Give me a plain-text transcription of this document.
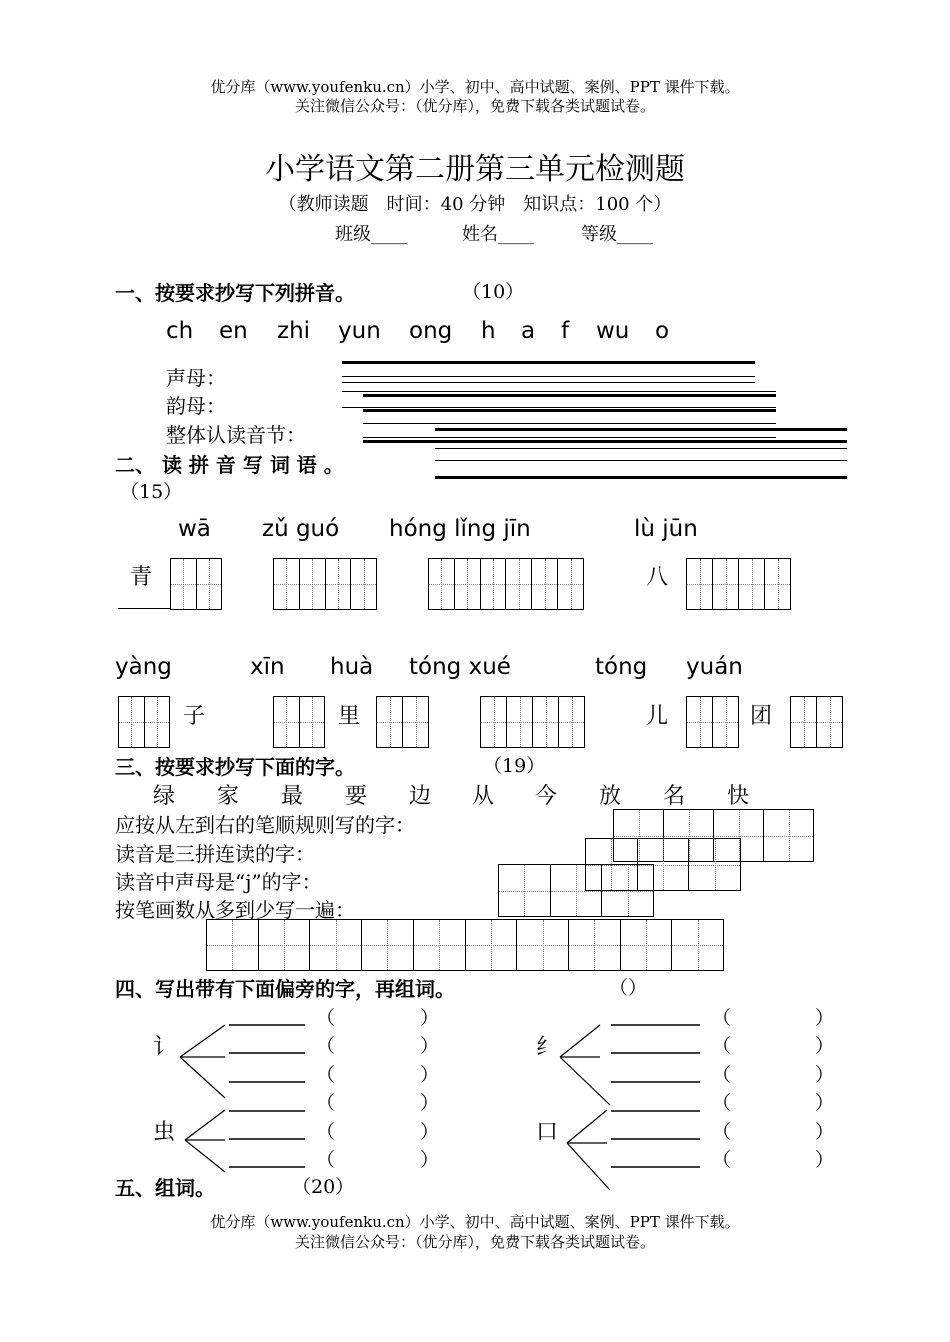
优分库（www.youfenku.cn）小学、初中、高中试题、案例、PPT 课件下载。
关注微信公众号：（优分库），免费下载各类试题试卷。
小学语文第二册第三单元检测题
（教师读题　时间：40 分钟　知识点：100 个）
班级____	姓名____	等级____
一、按要求抄写下列拼音。	（10）
ch en zhi yun ong h a f wu o
声母：
韵母：
整体认读音节：
二、 读 拼 音 写 词 语 。
（15）
wā zǔ guó hóng lǐng jīn	lù jūn
青	八
yàng	xīn huà tóng xué	tóng yuán
子	里	儿	团
三、按要求抄写下面的字。	（19）
绿 家 最 要 边 从 今 放 名 快
应按从左到右的笔顺规则写的字：
读音是三拼连读的字：
读音中声母是“j”的字：
按笔画数从多到少写一遍：
四、写出带有下面偏旁的字，再组词。	（）
讠	纟
虫	口
（	）
（	）
（	）
（	）
（	）
（	）
（	）
（	）
（	）
（	）
（	）
（	）
五、组词。	（20）
优分库（www.youfenku.cn）小学、初中、高中试题、案例、PPT 课件下载。
关注微信公众号：（优分库），免费下载各类试题试卷。
